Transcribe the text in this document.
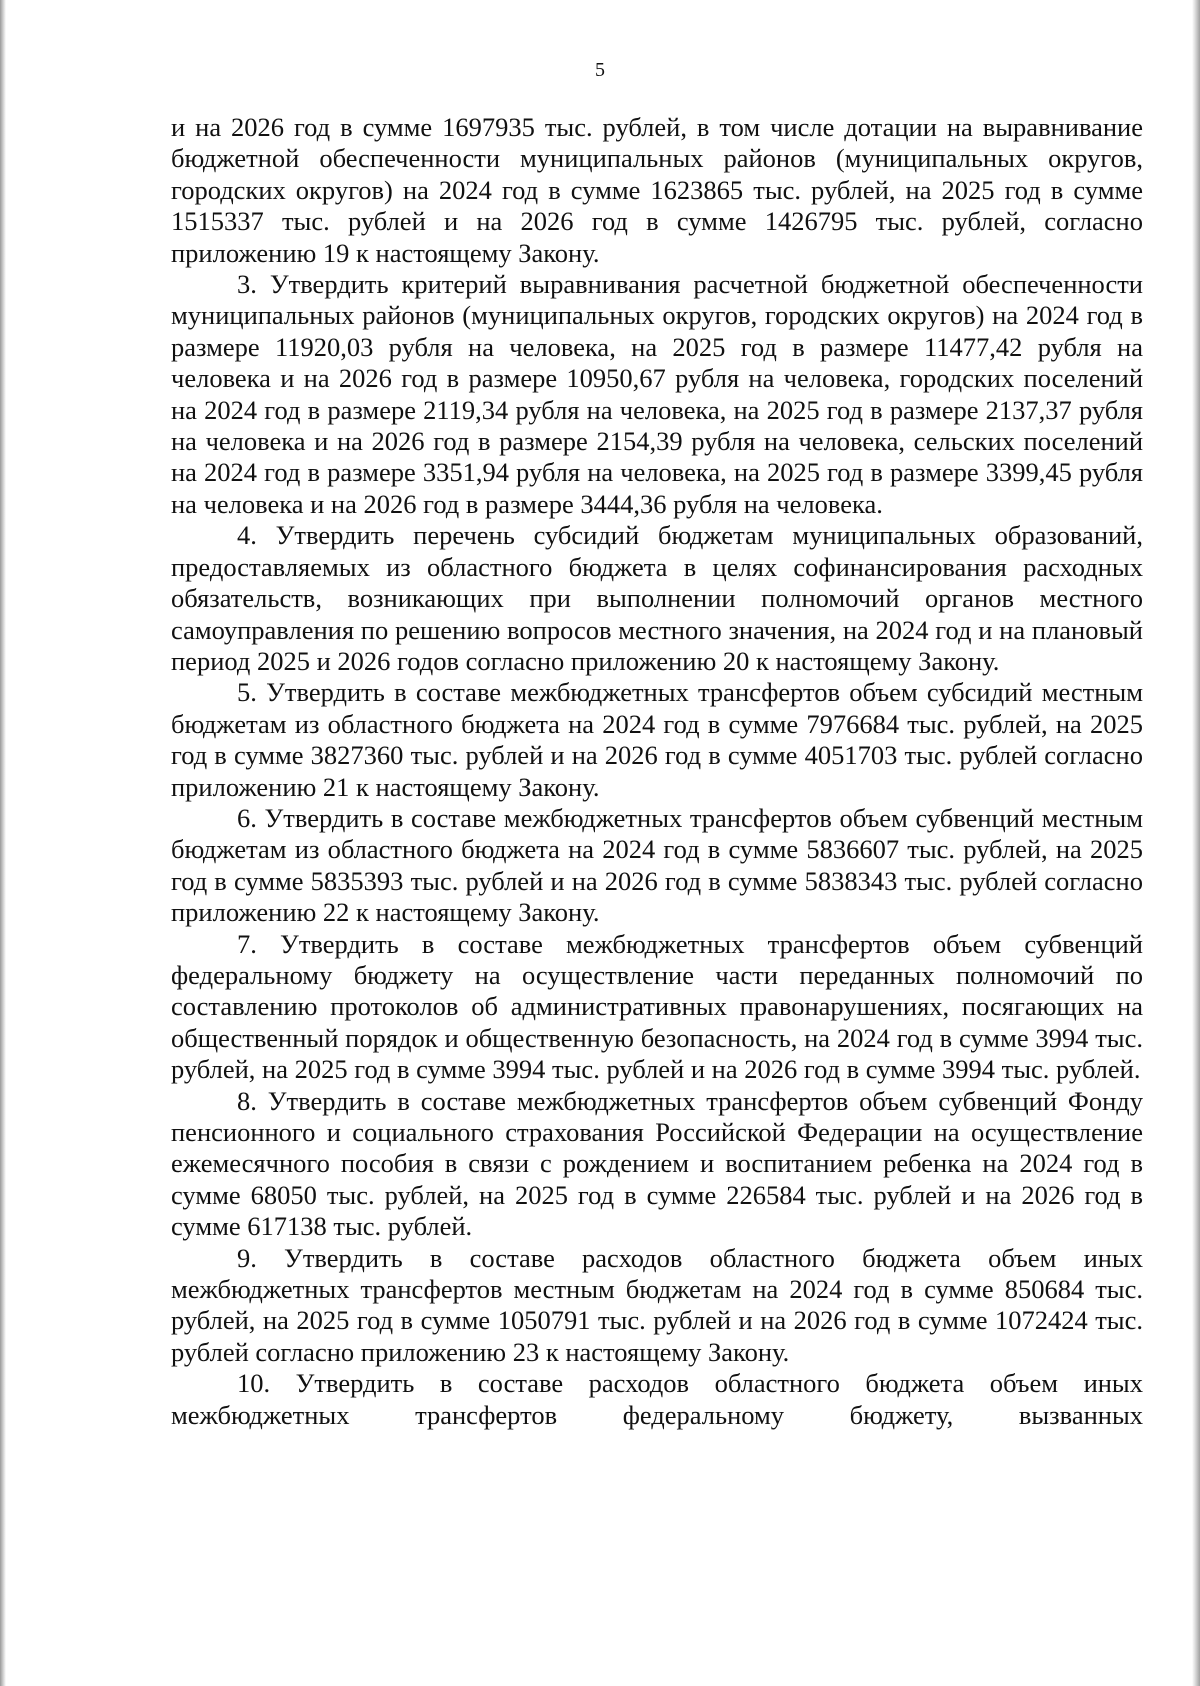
5

и на 2026 год в сумме 1697935 тыс. рублей, в том числе дотации на выравнивание бюджетной обеспеченности муниципальных районов (муниципальных округов, городских округов) на 2024 год в сумме 1623865 тыс. рублей, на 2025 год в сумме 1515337 тыс. рублей и на 2026 год в сумме 1426795 тыс. рублей, согласно приложению 19 к настоящему Закону.

3. Утвердить критерий выравнивания расчетной бюджетной обеспеченности муниципальных районов (муниципальных округов, городских округов) на 2024 год в размере 11920,03 рубля на человека, на 2025 год в размере 11477,42 рубля на человека и на 2026 год в размере 10950,67 рубля на человека, городских поселений на 2024 год в размере 2119,34 рубля на человека, на 2025 год в размере 2137,37 рубля на человека и на 2026 год в размере 2154,39 рубля на человека, сельских поселений на 2024 год в размере 3351,94 рубля на человека, на 2025 год в размере 3399,45 рубля на человека и на 2026 год в размере 3444,36 рубля на человека.

4. Утвердить перечень субсидий бюджетам муниципальных образований, предоставляемых из областного бюджета в целях софинансирования расходных обязательств, возникающих при выполнении полномочий органов местного самоуправления по решению вопросов местного значения, на 2024 год и на плановый период 2025 и 2026 годов согласно приложению 20 к настоящему Закону.

5. Утвердить в составе межбюджетных трансфертов объем субсидий местным бюджетам из областного бюджета на 2024 год в сумме 7976684 тыс. рублей, на 2025 год в сумме 3827360 тыс. рублей и на 2026 год в сумме 4051703 тыс. рублей согласно приложению 21 к настоящему Закону.

6. Утвердить в составе межбюджетных трансфертов объем субвенций местным бюджетам из областного бюджета на 2024 год в сумме 5836607 тыс. рублей, на 2025 год в сумме 5835393 тыс. рублей и на 2026 год в сумме 5838343 тыс. рублей согласно приложению 22 к настоящему Закону.

7. Утвердить в составе межбюджетных трансфертов объем субвенций федеральному бюджету на осуществление части переданных полномочий по составлению протоколов об административных правонарушениях, посягающих на общественный порядок и общественную безопасность, на 2024 год в сумме 3994 тыс. рублей, на 2025 год в сумме 3994 тыс. рублей и на 2026 год в сумме 3994 тыс. рублей.

8. Утвердить в составе межбюджетных трансфертов объем субвенций Фонду пенсионного и социального страхования Российской Федерации на осуществление ежемесячного пособия в связи с рождением и воспитанием ребенка на 2024 год в сумме 68050 тыс. рублей, на 2025 год в сумме 226584 тыс. рублей и на 2026 год в сумме 617138 тыс. рублей.

9. Утвердить в составе расходов областного бюджета объем иных межбюджетных трансфертов местным бюджетам на 2024 год в сумме 850684 тыс. рублей, на 2025 год в сумме 1050791 тыс. рублей и на 2026 год в сумме 1072424 тыс. рублей согласно приложению 23 к настоящему Закону.

10. Утвердить в составе расходов областного бюджета объем иных межбюджетных трансфертов федеральному бюджету, вызванных
